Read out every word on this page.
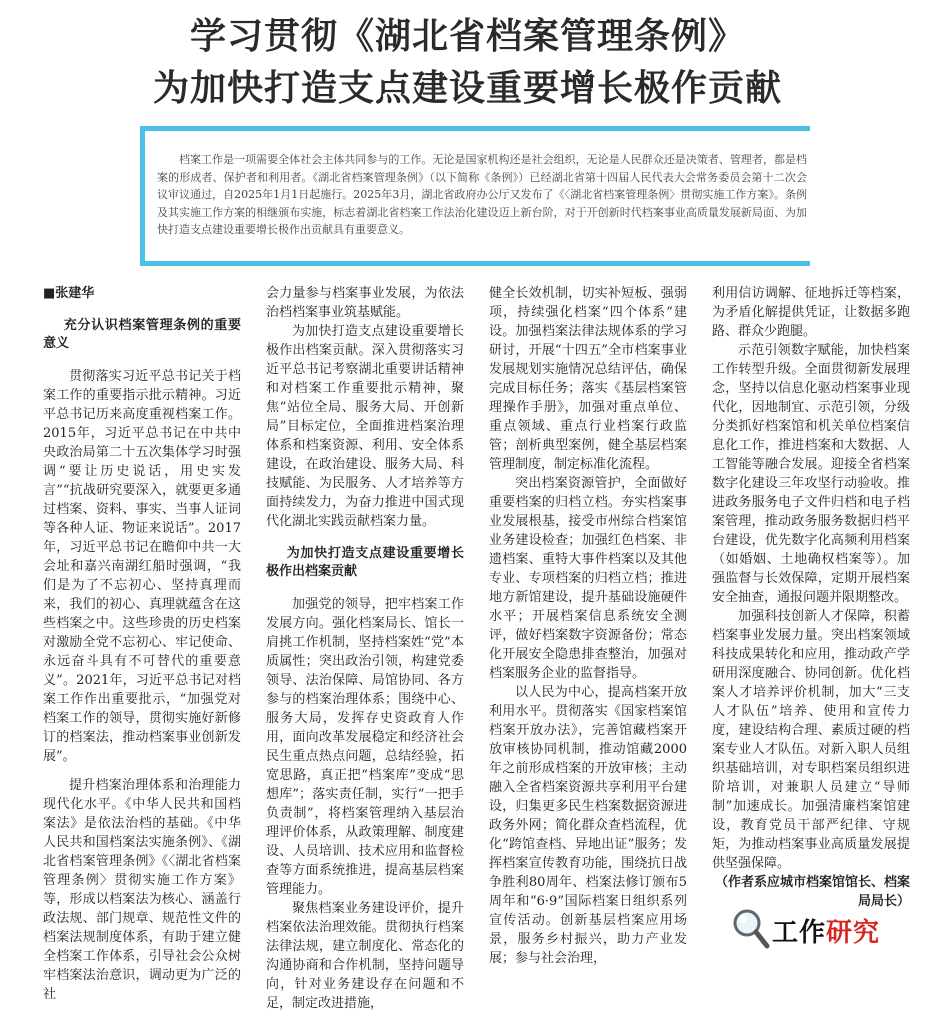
学习贯彻《湖北省档案管理条例》
为加快打造支点建设重要增长极作贡献
档案工作是一项需要全体社会主体共同参与的工作。无论是国家机构还是社会组织，无论是人民群众还是决策者、管理者，都是档案的形成者、保护者和利用者。《湖北省档案管理条例》（以下简称《条例》）已经湖北省第十四届人民代表大会常务委员会第十二次会议审议通过，自2025年1月1日起施行。2025年3月，湖北省政府办公厅又发布了《〈湖北省档案管理条例〉贯彻实施工作方案》。条例及其实施工作方案的相继颁布实施，标志着湖北省档案工作法治化建设迈上新台阶，对于开创新时代档案事业高质量发展新局面、为加快打造支点建设重要增长极作出贡献具有重要意义。

■张建华

充分认识档案管理条例的重要意义

贯彻落实习近平总书记关于档案工作的重要指示批示精神。习近平总书记历来高度重视档案工作。2015年，习近平总书记在中共中央政治局第二十五次集体学习时强调“要让历史说话，用史实发言”“抗战研究要深入，就要更多通过档案、资料、事实、当事人证词等各种人证、物证来说话”。2017年，习近平总书记在瞻仰中共一大会址和嘉兴南湖红船时强调，“我们是为了不忘初心、坚持真理而来，我们的初心、真理就蕴含在这些档案之中。这些珍贵的历史档案对激励全党不忘初心、牢记使命、永远奋斗具有不可替代的重要意义”。2021年，习近平总书记对档案工作作出重要批示，“加强党对档案工作的领导，贯彻实施好新修订的档案法，推动档案事业创新发展”。

提升档案治理体系和治理能力现代化水平。《中华人民共和国档案法》是依法治档的基础。《中华人民共和国档案法实施条例》、《湖北省档案管理条例》《〈湖北省档案管理条例〉贯彻实施工作方案》等，形成以档案法为核心、涵盖行政法规、部门规章、规范性文件的档案法规制度体系，有助于建立健全档案工作体系，引导社会公众树牢档案法治意识，调动更为广泛的社

会力量参与档案事业发展，为依法治档档案事业筑基赋能。

为加快打造支点建设重要增长极作出档案贡献。深入贯彻落实习近平总书记考察湖北重要讲话精神和对档案工作重要批示精神，聚焦“站位全局、服务大局、开创新局”目标定位，全面推进档案治理体系和档案资源、利用、安全体系建设，在政治建设、服务大局、科技赋能、为民服务、人才培养等方面持续发力，为奋力推进中国式现代化湖北实践贡献档案力量。

为加快打造支点建设重要增长极作出档案贡献

加强党的领导，把牢档案工作发展方向。强化档案局长、馆长一肩挑工作机制，坚持档案姓“党”本质属性；突出政治引领，构建党委领导、法治保障、局馆协同、各方参与的档案治理体系；围绕中心、服务大局，发挥存史资政育人作用，面向改革发展稳定和经济社会民生重点热点问题，总结经验，拓宽思路，真正把“档案库”变成“思想库”；落实责任制，实行“一把手负责制”，将档案管理纳入基层治理评价体系，从政策理解、制度建设、人员培训、技术应用和监督检查等方面系统推进，提高基层档案管理能力。

聚焦档案业务建设评价，提升档案依法治理效能。贯彻执行档案法律法规，建立制度化、常态化的沟通协商和合作机制，坚持问题导向，针对业务建设存在问题和不足，制定改进措施，

健全长效机制，切实补短板、强弱项，持续强化档案“四个体系”建设。加强档案法律法规体系的学习研讨，开展“十四五”全市档案事业发展规划实施情况总结评估，确保完成目标任务；落实《基层档案管理操作手册》，加强对重点单位、重点领域、重点行业档案行政监管；剖析典型案例，健全基层档案管理制度，制定标准化流程。

突出档案资源管护，全面做好重要档案的归档立档。夯实档案事业发展根基，接受市州综合档案馆业务建设检查；加强红色档案、非遗档案、重特大事件档案以及其他专业、专项档案的归档立档；推进地方新馆建设，提升基础设施硬件水平；开展档案信息系统安全测评，做好档案数字资源备份；常态化开展安全隐患排查整治，加强对档案服务企业的监督指导。

以人民为中心，提高档案开放利用水平。贯彻落实《国家档案馆档案开放办法》，完善馆藏档案开放审核协同机制，推动馆藏2000年之前形成档案的开放审核；主动融入全省档案资源共享利用平台建设，归集更多民生档案数据资源进政务外网；简化群众查档流程，优化“跨馆查档、异地出证”服务；发挥档案宣传教育功能，围绕抗日战争胜利80周年、档案法修订颁布5周年和“6·9”国际档案日组织系列宣传活动。创新基层档案应用场景，服务乡村振兴，助力产业发展；参与社会治理，

利用信访调解、征地拆迁等档案，为矛盾化解提供凭证，让数据多跑路、群众少跑腿。

示范引领数字赋能，加快档案工作转型升级。全面贯彻新发展理念，坚持以信息化驱动档案事业现代化，因地制宜、示范引领，分级分类抓好档案馆和机关单位档案信息化工作，推进档案和大数据、人工智能等融合发展。迎接全省档案数字化建设三年攻坚行动验收。推进政务服务电子文件归档和电子档案管理，推动政务服务数据归档平台建设，优先数字化高频利用档案（如婚姻、土地确权档案等）。加强监督与长效保障，定期开展档案安全抽查，通报问题并限期整改。

加强科技创新人才保障，积蓄档案事业发展力量。突出档案领域科技成果转化和应用，推动政产学研用深度融合、协同创新。优化档案人才培养评价机制，加大“三支人才队伍”培养、使用和宣传力度，建设结构合理、素质过硬的档案专业人才队伍。对新入职人员组织基础培训，对专职档案员组织进阶培训，对兼职人员建立“导师制”加速成长。加强清廉档案馆建设，教育党员干部严纪律、守规矩，为推动档案事业高质量发展提供坚强保障。

（作者系应城市档案馆馆长、档案局局长）

工作研究
